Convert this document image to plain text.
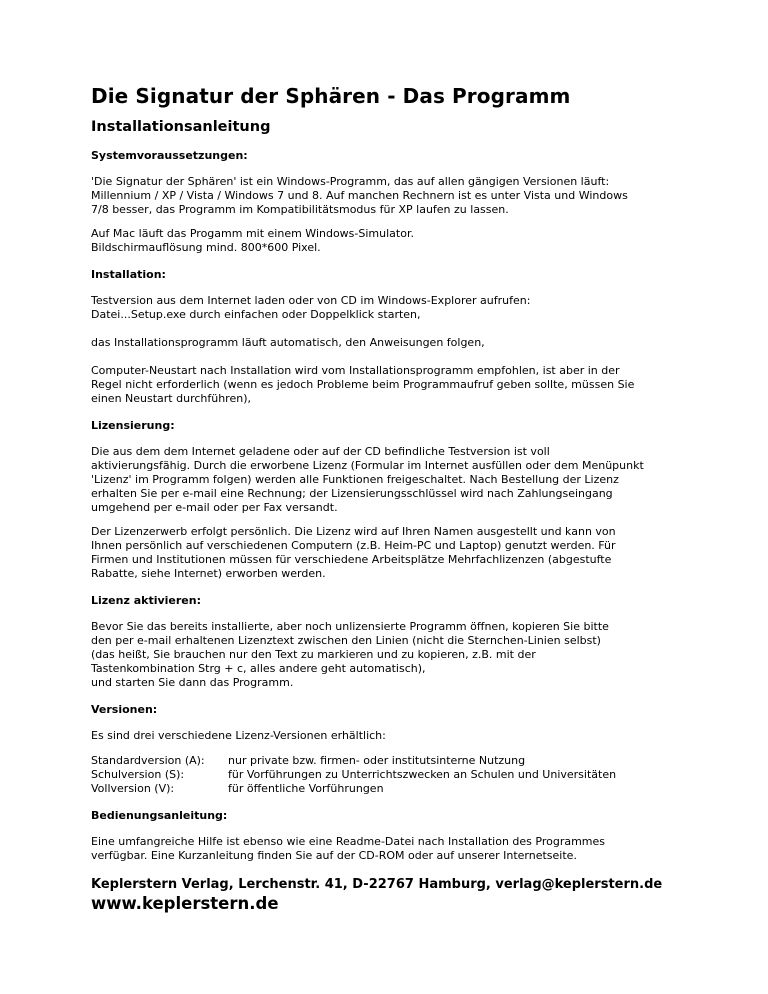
Die Signatur der Sphären - Das Programm
Installationsanleitung
Systemvoraussetzungen:

'Die Signatur der Sphären' ist ein Windows-Programm, das auf allen gängigen Versionen läuft:
Millennium / XP / Vista / Windows 7 und 8. Auf manchen Rechnern ist es unter Vista und Windows
7/8 besser, das Programm im Kompatibilitätsmodus für XP laufen zu lassen.

Auf Mac läuft das Progamm mit einem Windows-Simulator.
Bildschirmauflösung mind. 800*600 Pixel.

Installation:

Testversion aus dem Internet laden oder von CD im Windows-Explorer aufrufen:
Datei...Setup.exe durch einfachen oder Doppelklick starten,

das Installationsprogramm läuft automatisch, den Anweisungen folgen,

Computer-Neustart nach Installation wird vom Installationsprogramm empfohlen, ist aber in der
Regel nicht erforderlich (wenn es jedoch Probleme beim Programmaufruf geben sollte, müssen Sie
einen Neustart durchführen),

Lizensierung:

Die aus dem dem Internet geladene oder auf der CD befindliche Testversion ist voll
aktivierungsfähig. Durch die erworbene Lizenz (Formular im Internet ausfüllen oder dem Menüpunkt
'Lizenz' im Programm folgen) werden alle Funktionen freigeschaltet. Nach Bestellung der Lizenz
erhalten Sie per e-mail eine Rechnung; der Lizensierungsschlüssel wird nach Zahlungseingang
umgehend per e-mail oder per Fax versandt.

Der Lizenzerwerb erfolgt persönlich. Die Lizenz wird auf Ihren Namen ausgestellt und kann von
Ihnen persönlich auf verschiedenen Computern (z.B. Heim-PC und Laptop) genutzt werden. Für
Firmen und Institutionen müssen für verschiedene Arbeitsplätze Mehrfachlizenzen (abgestufte
Rabatte, siehe Internet) erworben werden.

Lizenz aktivieren:

Bevor Sie das bereits installierte, aber noch unlizensierte Programm öffnen, kopieren Sie bitte
den per e-mail erhaltenen Lizenztext zwischen den Linien (nicht die Sternchen-Linien selbst)
(das heißt, Sie brauchen nur den Text zu markieren und zu kopieren, z.B. mit der
Tastenkombination Strg + c, alles andere geht automatisch),
und starten Sie dann das Programm.

Versionen:

Es sind drei verschiedene Lizenz-Versionen erhältlich:

Standardversion (A):	nur private bzw. firmen- oder institutsinterne Nutzung
Schulversion (S):	für Vorführungen zu Unterrichtszwecken an Schulen und Universitäten
Vollversion (V):	für öffentliche Vorführungen
Bedienungsanleitung:

Eine umfangreiche Hilfe ist ebenso wie eine Readme-Datei nach Installation des Programmes
verfügbar. Eine Kurzanleitung finden Sie auf der CD-ROM oder auf unserer Internetseite.

Keplerstern Verlag, Lerchenstr. 41, D-22767 Hamburg, verlag@keplerstern.de
www.keplerstern.de
